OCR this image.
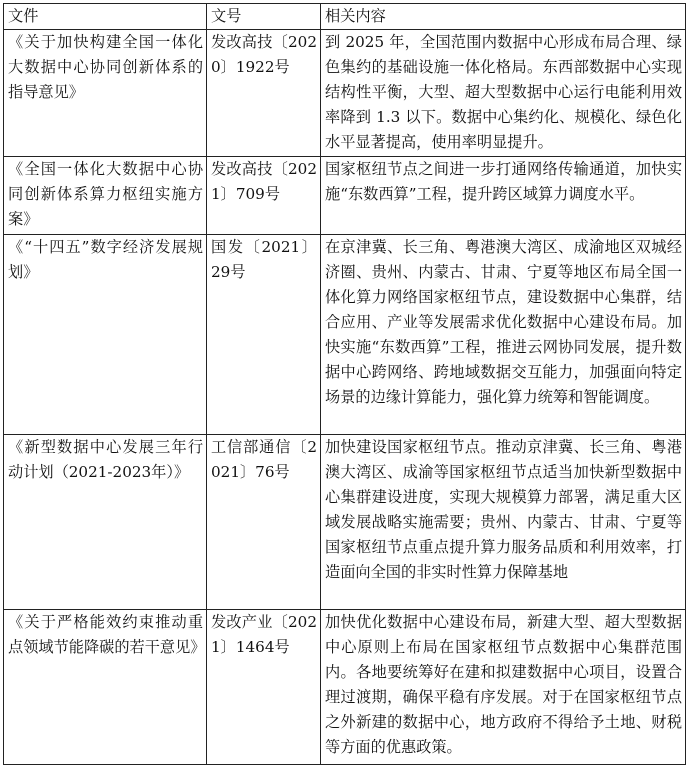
文件	文号	相关内容
《关于加快构建全国一体化大数据中心协同创新体系的指导意见》	发改高技〔2020〕1922号	到 2025 年，全国范围内数据中心形成布局合理、绿色集约的基础设施一体化格局。东西部数据中心实现结构性平衡，大型、超大型数据中心运行电能利用效率降到 1.3 以下。数据中心集约化、规模化、绿色化水平显著提高，使用率明显提升。
《全国一体化大数据中心协同创新体系算力枢纽实施方案》	发改高技〔2021〕709号	国家枢纽节点之间进一步打通网络传输通道，加快实施“东数西算”工程，提升跨区域算力调度水平。
《“十四五”数字经济发展规划》	国发〔2021〕29号	在京津冀、长三角、粤港澳大湾区、成渝地区双城经济圈、贵州、内蒙古、甘肃、宁夏等地区布局全国一体化算力网络国家枢纽节点，建设数据中心集群，结合应用、产业等发展需求优化数据中心建设布局。加快实施“东数西算”工程，推进云网协同发展，提升数据中心跨网络、跨地域数据交互能力，加强面向特定场景的边缘计算能力，强化算力统筹和智能调度。
《新型数据中心发展三年行动计划（2021-2023年）》	工信部通信〔2021〕76号	加快建设国家枢纽节点。推动京津冀、长三角、粤港澳大湾区、成渝等国家枢纽节点适当加快新型数据中心集群建设进度，实现大规模算力部署，满足重大区域发展战略实施需要；贵州、内蒙古、甘肃、宁夏等国家枢纽节点重点提升算力服务品质和利用效率，打造面向全国的非实时性算力保障基地
《关于严格能效约束推动重点领域节能降碳的若干意见》	发改产业〔2021〕1464号	加快优化数据中心建设布局，新建大型、超大型数据中心原则上布局在国家枢纽节点数据中心集群范围内。各地要统筹好在建和拟建数据中心项目，设置合理过渡期，确保平稳有序发展。对于在国家枢纽节点之外新建的数据中心，地方政府不得给予土地、财税等方面的优惠政策。
